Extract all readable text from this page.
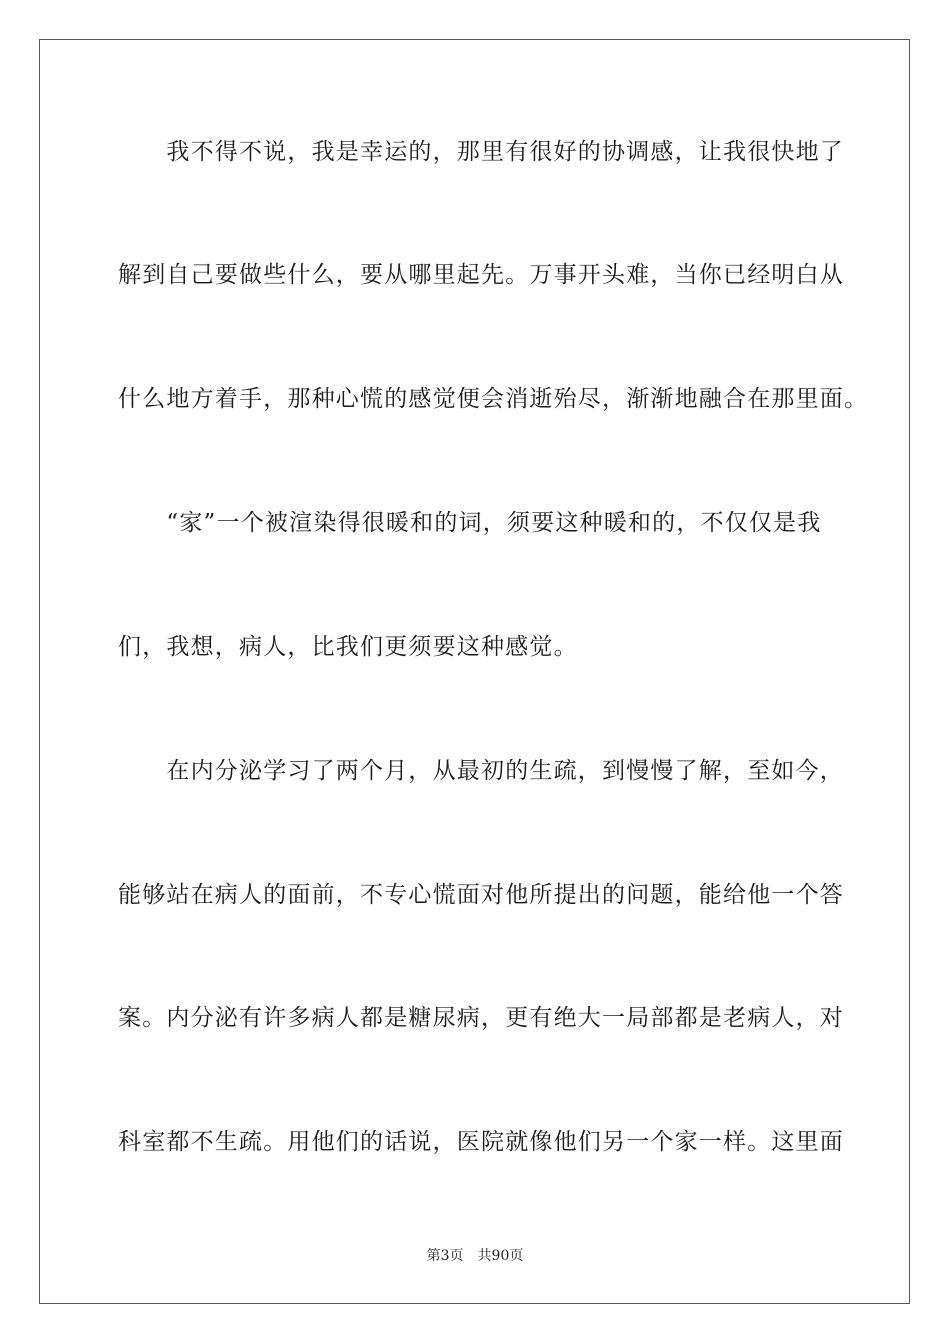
　　我不得不说，我是幸运的，那里有很好的协调感，让我很快地了
解到自己要做些什么，要从哪里起先。万事开头难，当你已经明白从
什么地方着手，那种心慌的感觉便会消逝殆尽，渐渐地融合在那里面。
　　“家”一个被渲染得很暖和的词，须要这种暖和的，不仅仅是我
们，我想，病人，比我们更须要这种感觉。
　　在内分泌学习了两个月，从最初的生疏，到慢慢了解，至如今，
能够站在病人的面前，不专心慌面对他所提出的问题，能给他一个答
案。内分泌有许多病人都是糖尿病，更有绝大一局部都是老病人，对
科室都不生疏。用他们的话说，医院就像他们另一个家一样。这里面
第3页 共90页
